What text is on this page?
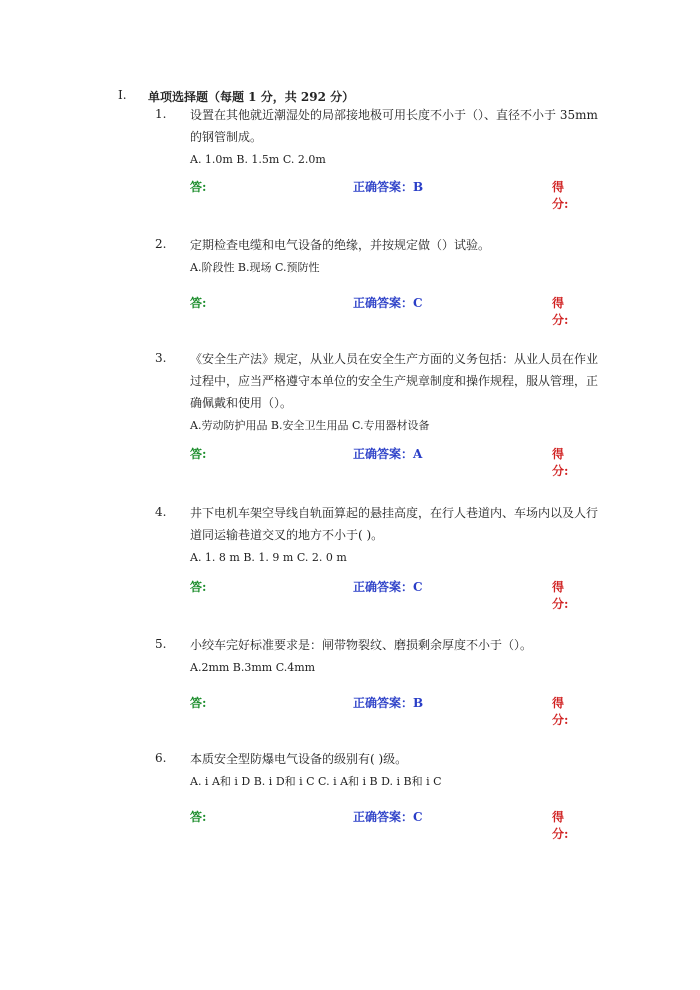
I.	单项选择题（每题 1 分，共 292 分）
1.	设置在其他就近潮湿处的局部接地极可用长度不小于（）、直径不小于 35mm 的钢管制成。
A. 1.0m B. 1.5m C. 2.0m
答:	正确答案：B	得分:
2.	定期检查电缆和电气设备的绝缘，并按规定做（）试验。
A.阶段性 B.现场 C.预防性
答:	正确答案：C	得分:
3.	《安全生产法》规定，从业人员在安全生产方面的义务包括：从业人员在作业过程中，应当严格遵守本单位的安全生产规章制度和操作规程，服从管理，正确佩戴和使用（）。
A.劳动防护用品 B.安全卫生用品 C.专用器材设备
答:	正确答案：A	得分:
4.	井下电机车架空导线自轨面算起的悬挂高度，在行人巷道内、车场内以及人行道同运输巷道交叉的地方不小于( )。
A. 1. 8 m B. 1. 9 m C. 2. 0 m
答:	正确答案：C	得分:
5.	小绞车完好标准要求是：闸带物裂纹、磨损剩余厚度不小于（）。
A.2mm B.3mm C.4mm
答:	正确答案：B	得分:
6.	本质安全型防爆电气设备的级别有( )级。
A. i A和 i D B. i D和 i C C. i A和 i B D. i B和 i C
答:	正确答案：C	得分:
